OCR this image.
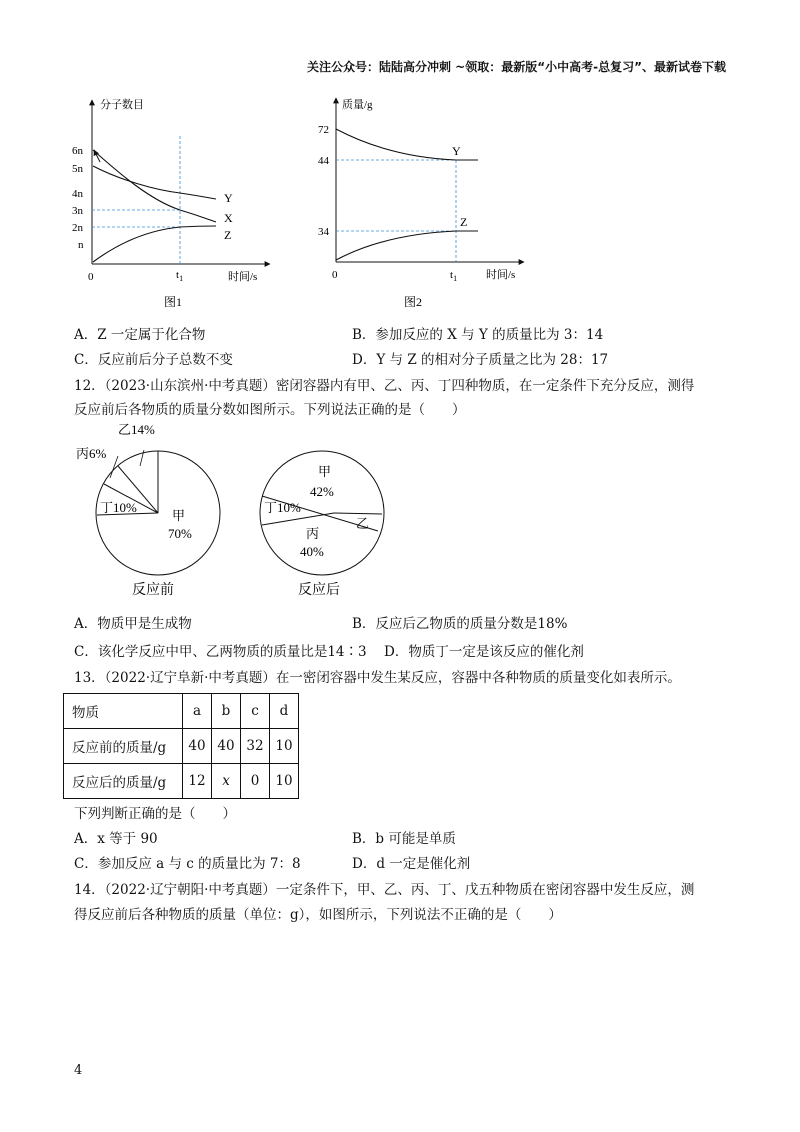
关注公众号：陆陆高分冲刺 ~领取：最新版“小中高考-总复习”、最新试卷下载
分子数目
时间/s
0
6n
5n
4n
3n
2n
n
Y
X
Z
$t_1$
图1
质量/g
时间/s
0
72
44
34
Y
Z
$t_1$
图2
A．Z 一定属于化合物	B．参加反应的 X 与 Y 的质量比为 3：14
C．反应前后分子总数不变	D．Y 与 Z 的相对分子质量之比为 28：17
12．（2023·山东滨州·中考真题）密闭容器内有甲、乙、丙、丁四种物质，在一定条件下充分反应，测得
反应前后各物质的质量分数如图所示。下列说法正确的是（　　）
乙14%
丙6%
丁10%
甲
70%
反应前
甲
42%
丁10%
乙
丙
40%
反应后
A．物质甲是生成物	B．反应后乙物质的质量分数是18%
C．该化学反应中甲、乙两物质的质量比是14∶3 D．物质丁一定是该反应的催化剂
13．（2022·辽宁阜新·中考真题）在一密闭容器中发生某反应，容器中各种物质的质量变化如表所示。
物质	a	b	c	d
反应前的质量/g	40	40	32	10
反应后的质量/g	12	x	0	10
下列判断正确的是（　　）
A．x 等于 90	B．b 可能是单质
C．参加反应 a 与 c 的质量比为 7：8	D．d 一定是催化剂
14．（2022·辽宁朝阳·中考真题）一定条件下，甲、乙、丙、丁、戊五种物质在密闭容器中发生反应，测
得反应前后各种物质的质量（单位：g），如图所示，下列说法不正确的是（　　）
4
